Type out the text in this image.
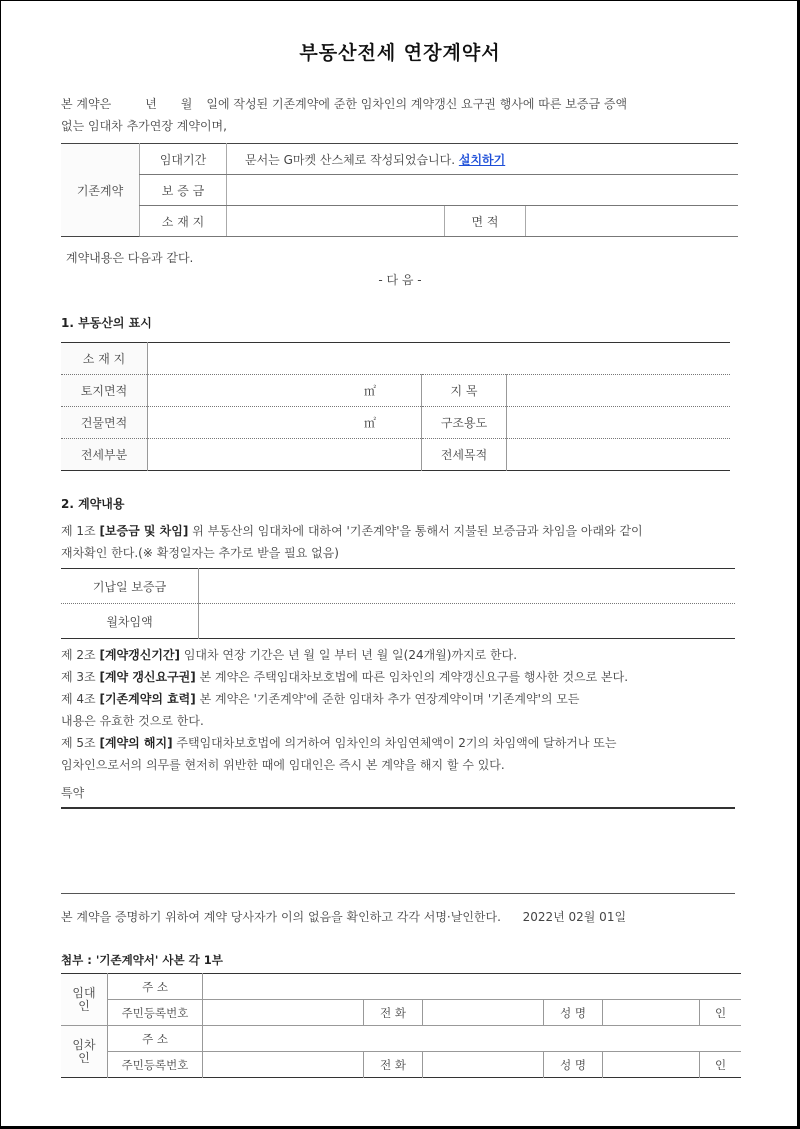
부동산전세 연장계약서
본 계약은	년 월 일에 작성된 기존계약에 준한 임차인의 계약갱신 요구권 행사에 따른 보증금 증액
없는 임대차 추가연장 계약이며,
기존계약	임대기간	문서는 G마켓 산스체로 작성되었습니다. 설치하기		
	보 증 금			
	소 재 지		면 적	
계약내용은 다음과 같다.
- 다 음 -
1. 부동산의 표시
소 재 지			
토지면적	㎡	지 목	
건물면적	㎡	구조용도	
전세부분		전세목적	
2. 계약내용
제 1조 [보증금 및 차임] 위 부동산의 임대차에 대하여 '기존계약'을 통해서 지불된 보증금과 차임을 아래와 같이
재차확인 한다.(※ 확정일자는 추가로 받을 필요 없음)
기납일 보증금	
월차임액	
제 2조 [계약갱신기간] 임대차 연장 기간은 년 월 일 부터 년 월 일(24개월)까지로 한다.
제 3조 [계약 갱신요구권] 본 계약은 주택임대차보호법에 따른 임차인의 계약갱신요구를 행사한 것으로 본다.
제 4조 [기존계약의 효력] 본 계약은 '기존계약'에 준한 임대차 추가 연장계약이며 '기존계약'의 모든
내용은 유효한 것으로 한다.
제 5조 [계약의 해지] 주택임대차보호법에 의거하여 임차인의 차임연체액이 2기의 차임액에 달하거나 또는
임차인으로서의 의무를 현저히 위반한 때에 임대인은 즉시 본 계약을 해지 할 수 있다.
특약
본 계약을 증명하기 위하여 계약 당사자가 이의 없음을 확인하고 각각 서명·날인한다. 2022년 02월 01일
첨부 : '기존계약서' 사본 각 1부
임대인	주 소						
	주민등록번호		전 화		성 명		인
임차인	주 소						
	주민등록번호		전 화		성 명		인
